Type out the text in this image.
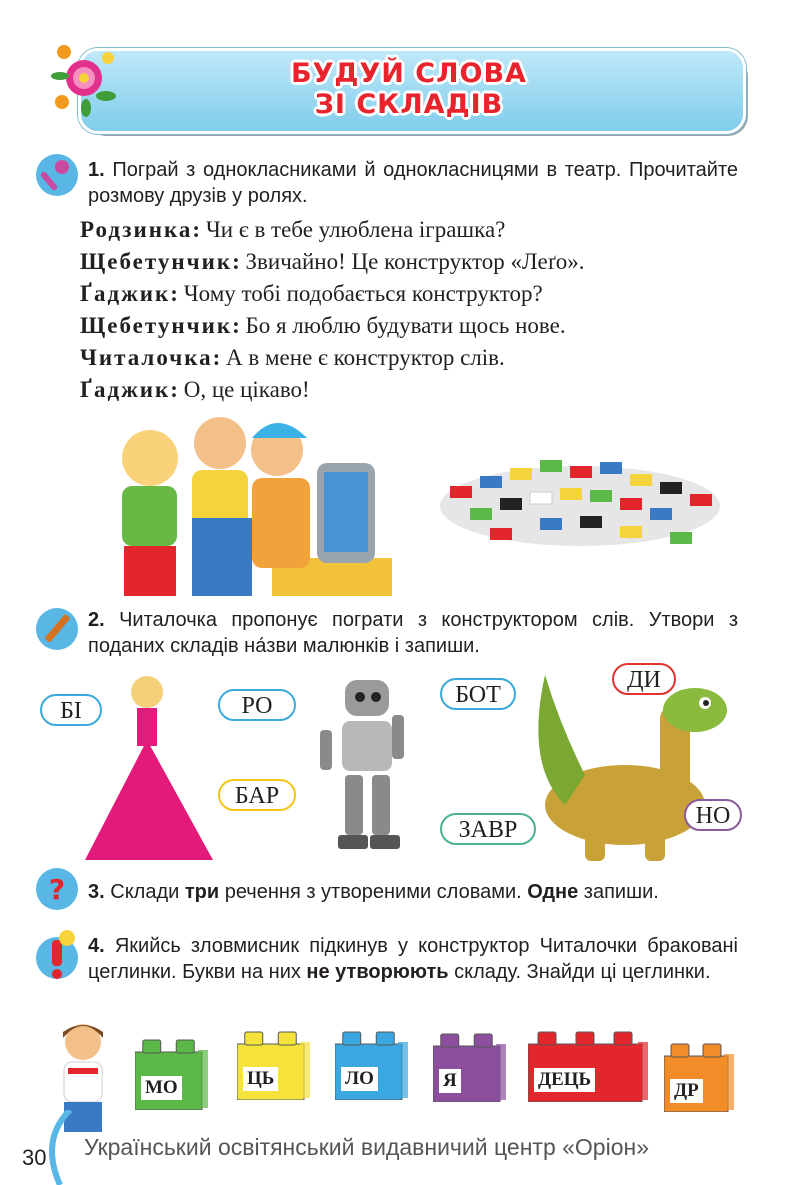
БУДУЙ СЛОВА
ЗІ СКЛАДІВ
1. Пограй з однокласниками й однокласницями в театр. Прочитайте розмову друзів у ролях.
Родзинка: Чи є в тебе улюблена іграшка?
Щебетунчик: Звичайно! Це конструктор «Леґо».
Ґаджик: Чому тобі подобається конструктор?
Щебетунчик: Бо я люблю будувати щось нове.
Читалочка: А в мене є конструктор слів.
Ґаджик: О, це цікаво!
2. Читалочка пропонує пограти з конструктором слів. Утвори з поданих складів на́зви малюнків і запиши.
БІ	РО	БОТ
ДИ
БАР
ЗАВР
НО
? 3. Склади три речення з утвореними словами. Одне запиши.
4. Якийсь зловмисник підкинув у конструктор Читалочки браковані цеглинки. Букви на них не утворюють складу. Знайди ці цеглинки.
МО	ЦЬ	ЛО	Я	ДЕЦЬ
ДР
30 Український освітянський видавничий центр «Оріон»
